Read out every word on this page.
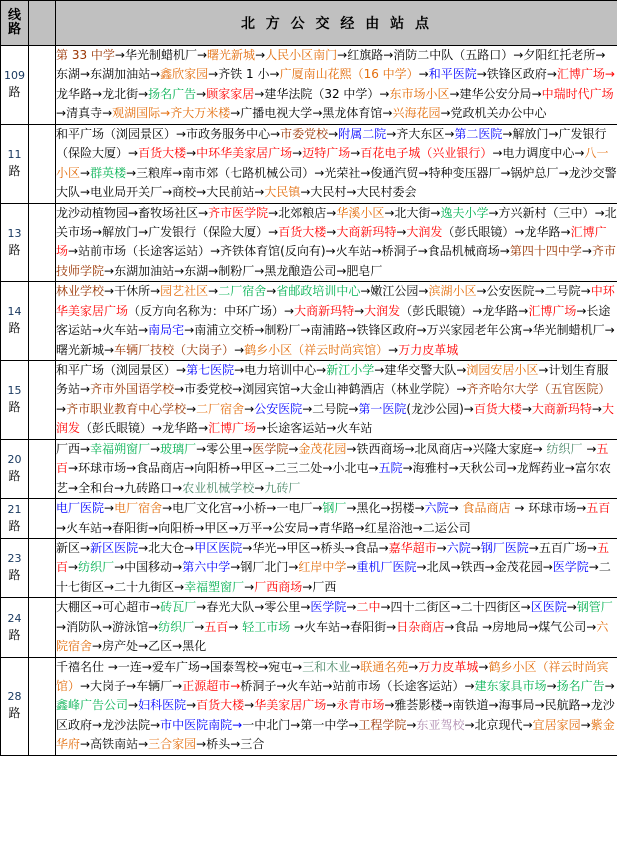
线
路		北 方 公 交 经 由 站 点

109
路		第 33 中学→华光制蜡机厂→曙光新城→人民小区南门→红旗路→消防二中队（五路口）→夕阳红托老所→东湖→东湖加油站→鑫欣家园→齐铁 1 小→广厦南山花熙（16 中学）→和平医院→铁锋区政府→汇博广场→龙华路→龙北街→扬名广告→顾家家居→建华法院（32 中学）→东市场小区→建华公安分局→中瑞时代广场→清真寺→观湖国际→齐大万米楼→广播电视大学→黑龙体育馆→兴海花园→党政机关办公中心

11
路		和平广场（浏园景区）→市政务服务中心→市委党校→附属二院→齐大东区→第二医院→解放门→广发银行（保险大厦）→百货大楼→中环华美家居广场→迈特广场→百花电子城（兴业银行）→电力调度中心→八一小区→群英楼→三粮库→南市郊（七路机械公司）→光荣社→俊通汽贸→特种变压器厂→锅炉总厂→龙沙交警大队→电业局开关厂→商校→大民前站→大民镇→大民村→大民村委会

13
路		龙沙动植物园→畜牧场社区→齐市医学院→北郊粮店→华溪小区→北大街→逸夫小学→方兴新村（三中）→北关市场→解放门→广发银行（保险大厦）→百货大楼→大商新玛特→大润发（彭氏眼镜）→龙华路→汇博广场→站前市场（长途客运站）→齐铁体育馆(反向有)→火车站→桥洞子→食品机械商场→第四十四中学→齐市技师学院→东湖加油站→东湖→制粉厂→黑龙酿造公司→肥皂厂

14
路		林业学校→干休所→园艺社区→二厂宿舍→省邮政培训中心→嫩江公园→滨湖小区→公安医院→二号院→中环华美家居广场（反方向名称为：中环广场）→大商新玛特→大润发（彭氏眼镜）→龙华路→汇博广场→长途客运站→火车站→南局宅→南浦立交桥→制粉厂→南浦路→铁锋区政府→万兴家园老年公寓→华光制蜡机厂→曙光新城→车辆厂技校（大岗子）→鹤乡小区（祥云时尚宾馆）→万力皮革城

15
路		和平广场（浏园景区）→第七医院→电力培训中心→新江小学→建华交警大队→浏园安居小区→计划生育服务站→齐市外国语学校→市委党校→浏园宾馆→大金山神鹤酒店（林业学院）→齐齐哈尔大学（五官医院）→齐市职业教育中心学校→二厂宿舍→公安医院→二号院→第一医院(龙沙公园)→百货大楼→大商新玛特→大润发（彭氏眼镜）→龙华路→汇博广场→长途客运站→火车站

20
路		厂西→幸福朔窗厂→玻璃厂→零公里→医学院→金茂花园→铁西商场→北凤商店→兴隆大家庭→ 纺织厂 →五百→环球市场→食品商店→向阳桥→甲区→二三二处→小北屯→五院→海雅村→天秋公司→龙辉药业→富尔农艺→全和台→九砖路口→农业机械学校→九砖厂

21
路		电厂医院→电厂宿舍→电厂文化宫→小桥→一电厂→钢厂→黑化→拐楼→六院→ 食品商店 → 环球市场→五百→火车站→春阳街→向阳桥→甲区→万平→公安局→青华路→红星浴池→二运公司

23
路		新区→新区医院→北大仓→甲区医院→华光→甲区→桥头→食品→嘉华超市→六院→钢厂医院→五百广场→五百→纺织厂→中国移动→第六中学→钢厂北门→红岸中学→重机厂医院→北凤→铁西→金茂花园→医学院→二十七街区→二十九街区→幸福塑窗厂→厂西商场→厂西

24
路		大棚区→可心超市→砖瓦厂→春光大队→零公里→医学院→二中→四十二街区→二十四街区→区医院→钢管厂→消防队→游泳馆→纺织厂→五百→ 轻工市场 →火车站→春阳街→日杂商店→食品 →房地局→煤气公司→六院宿舍→房产处→乙区→黑化

28
路		千禧名仕 →一连→爱车广场→国泰驾校→宛屯→三和木业→联通名苑→万力皮革城→鹤乡小区（祥云时尚宾馆）→大岗子→车辆厂→正源超市→桥洞子→火车站→站前市场（长途客运站）→建东家具市场→扬名广告→鑫峰广告公司→妇科医院→百货大楼→华美家居广场→永青市场→雅荟影楼→南铁道→海事局→民航路→龙沙区政府→龙沙法院→市中医院南院→一中北门→第一中学→工程学院→东亚驾校→北京现代→宜居家园→紫金华府→高铁南站→三合家园→桥头→三合
